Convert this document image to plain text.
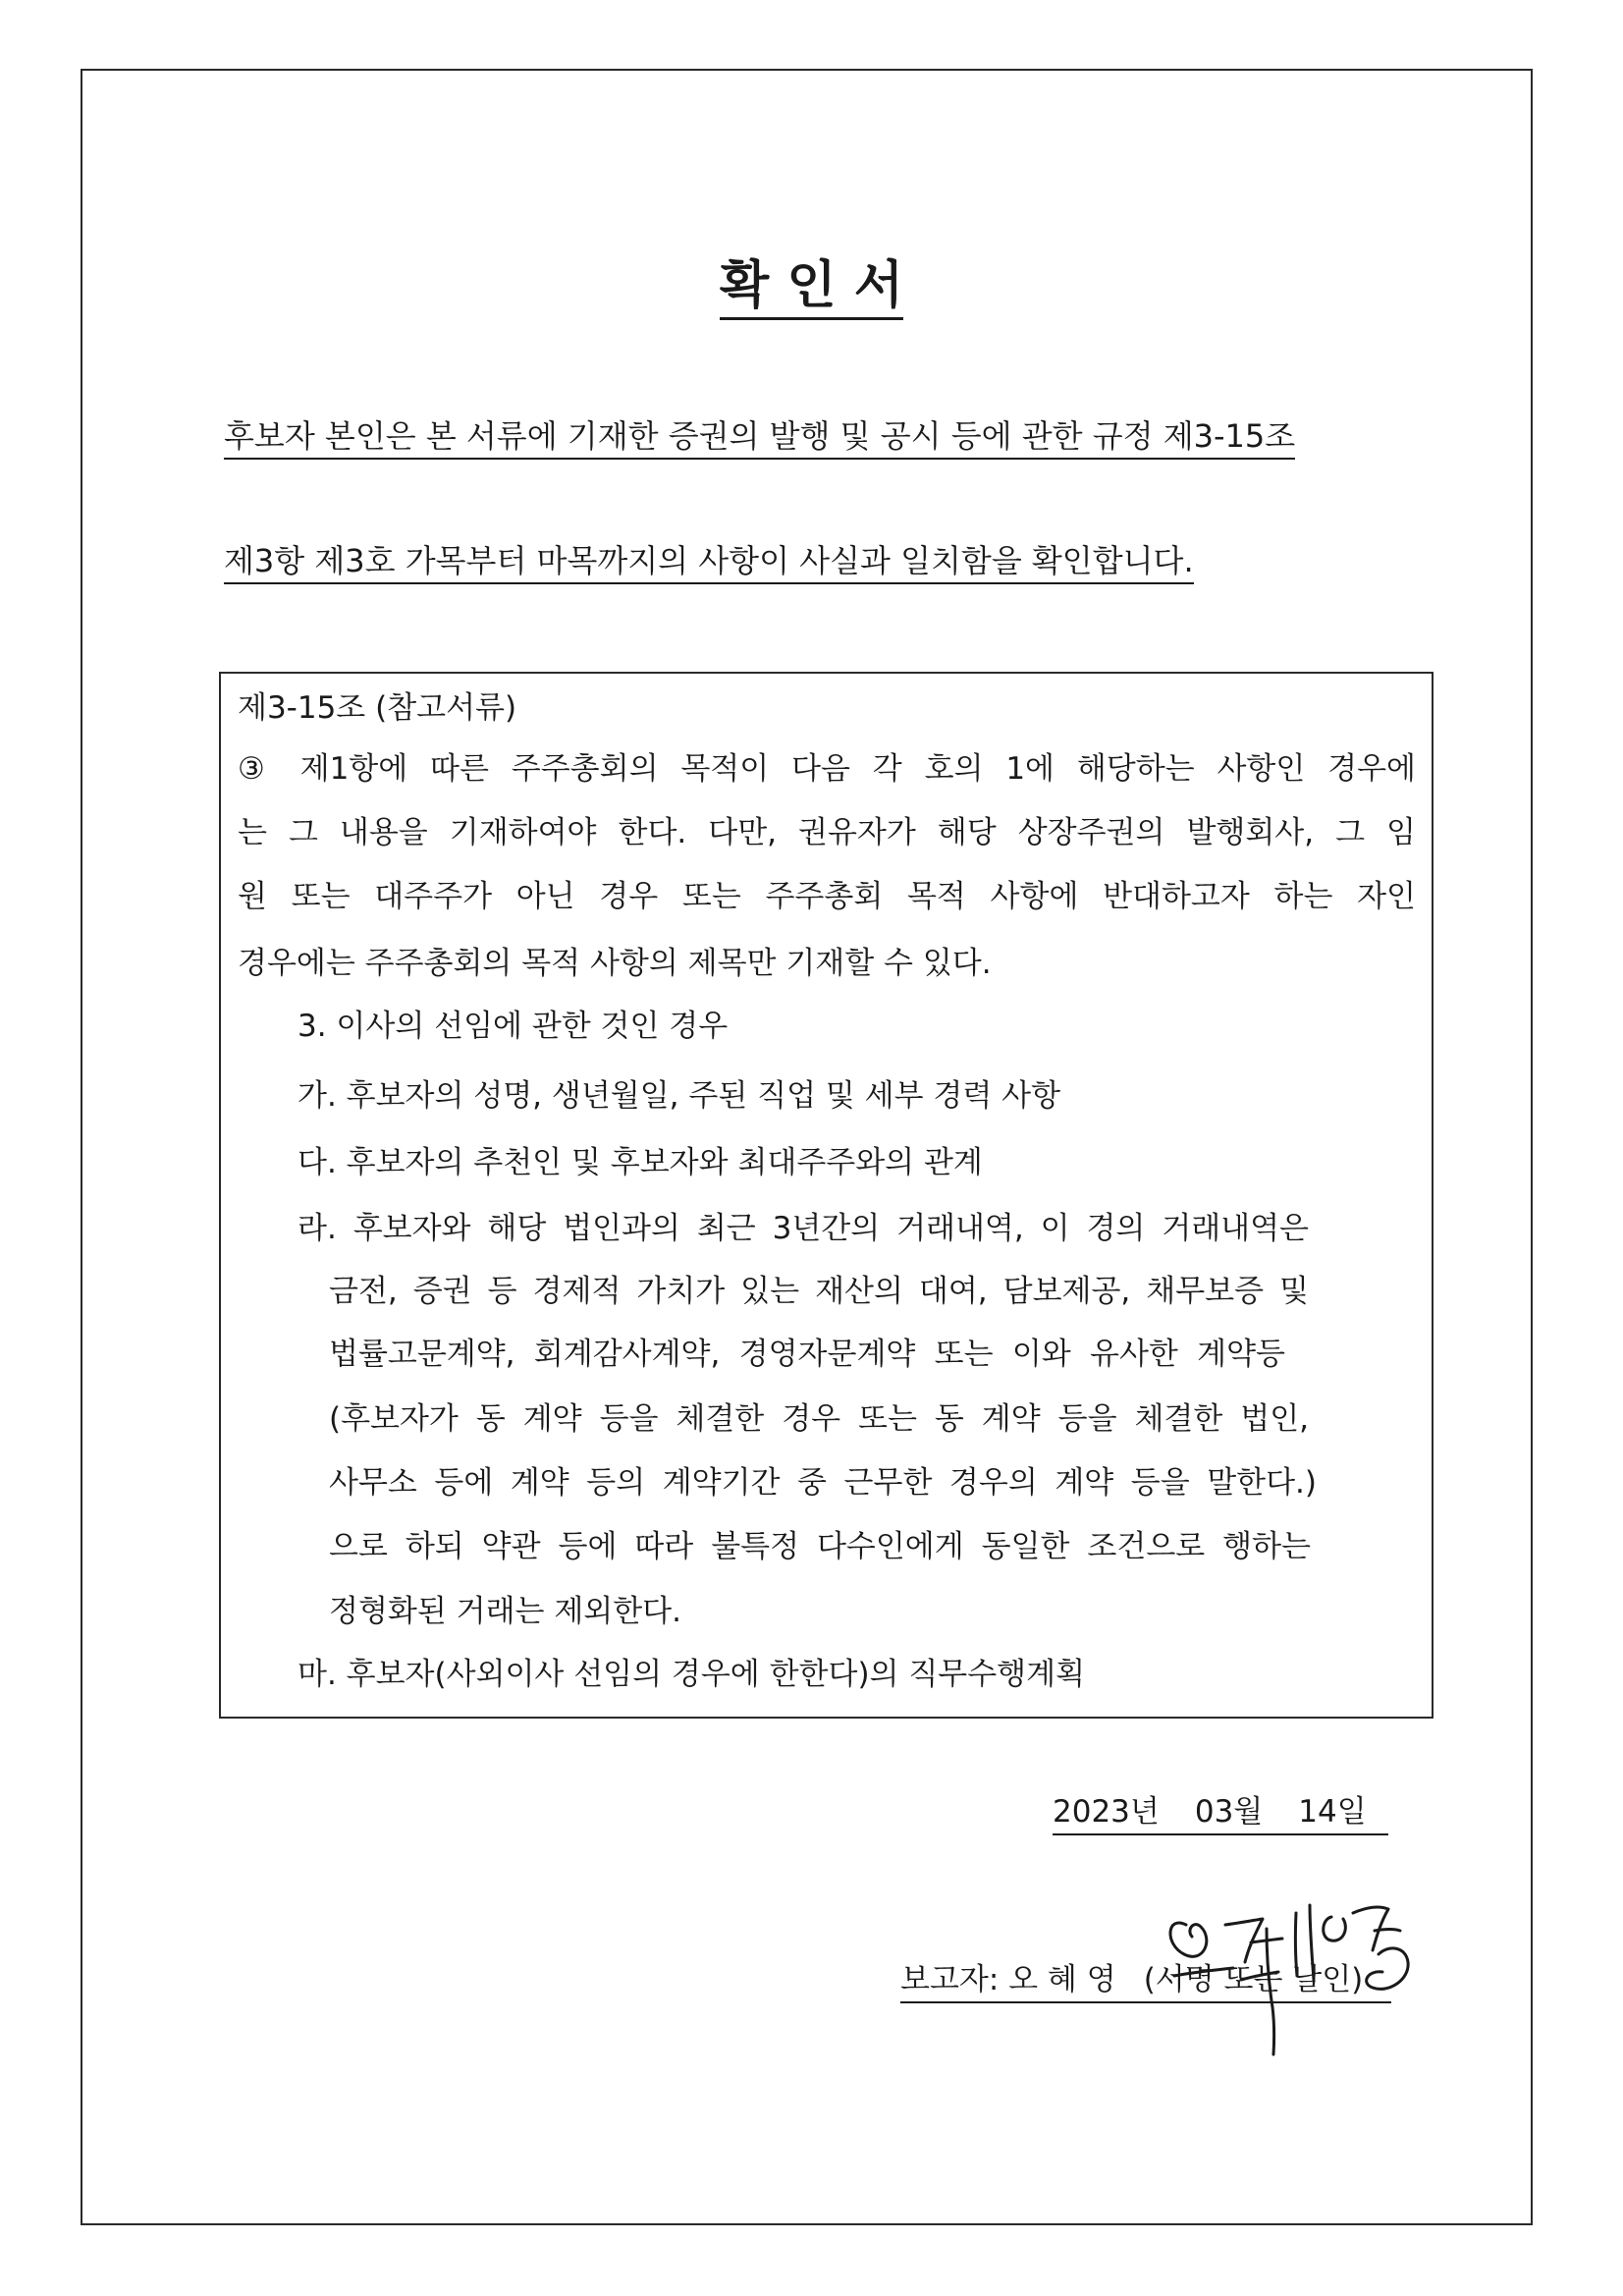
확 인 서
후보자 본인은 본 서류에 기재한 증권의 발행 및 공시 등에 관한 규정 제3-15조
제3항 제3호 가목부터 마목까지의 사항이 사실과 일치함을 확인합니다.
제3-15조 (참고서류)
③ 제1항에 따른 주주총회의 목적이 다음 각 호의 1에 해당하는 사항인 경우에
는 그 내용을 기재하여야 한다. 다만, 권유자가 해당 상장주권의 발행회사, 그 임
원 또는 대주주가 아닌 경우 또는 주주총회 목적 사항에 반대하고자 하는 자인
경우에는 주주총회의 목적 사항의 제목만 기재할 수 있다.
3. 이사의 선임에 관한 것인 경우
가. 후보자의 성명, 생년월일, 주된 직업 및 세부 경력 사항
다. 후보자의 추천인 및 후보자와 최대주주와의 관계
라. 후보자와 해당 법인과의 최근 3년간의 거래내역, 이 경의 거래내역은
금전, 증권 등 경제적 가치가 있는 재산의 대여, 담보제공, 채무보증 및
법률고문계약, 회계감사계약, 경영자문계약 또는 이와 유사한 계약등
(후보자가 동 계약 등을 체결한 경우 또는 동 계약 등을 체결한 법인,
사무소 등에 계약 등의 계약기간 중 근무한 경우의 계약 등을 말한다.)
으로 하되 약관 등에 따라 불특정 다수인에게 동일한 조건으로 행하는
정형화된 거래는 제외한다.
마. 후보자(사외이사 선임의 경우에 한한다)의 직무수행계획
2023년 03월 14일
보고자: 오 혜 영 (서명 또는 날인)
